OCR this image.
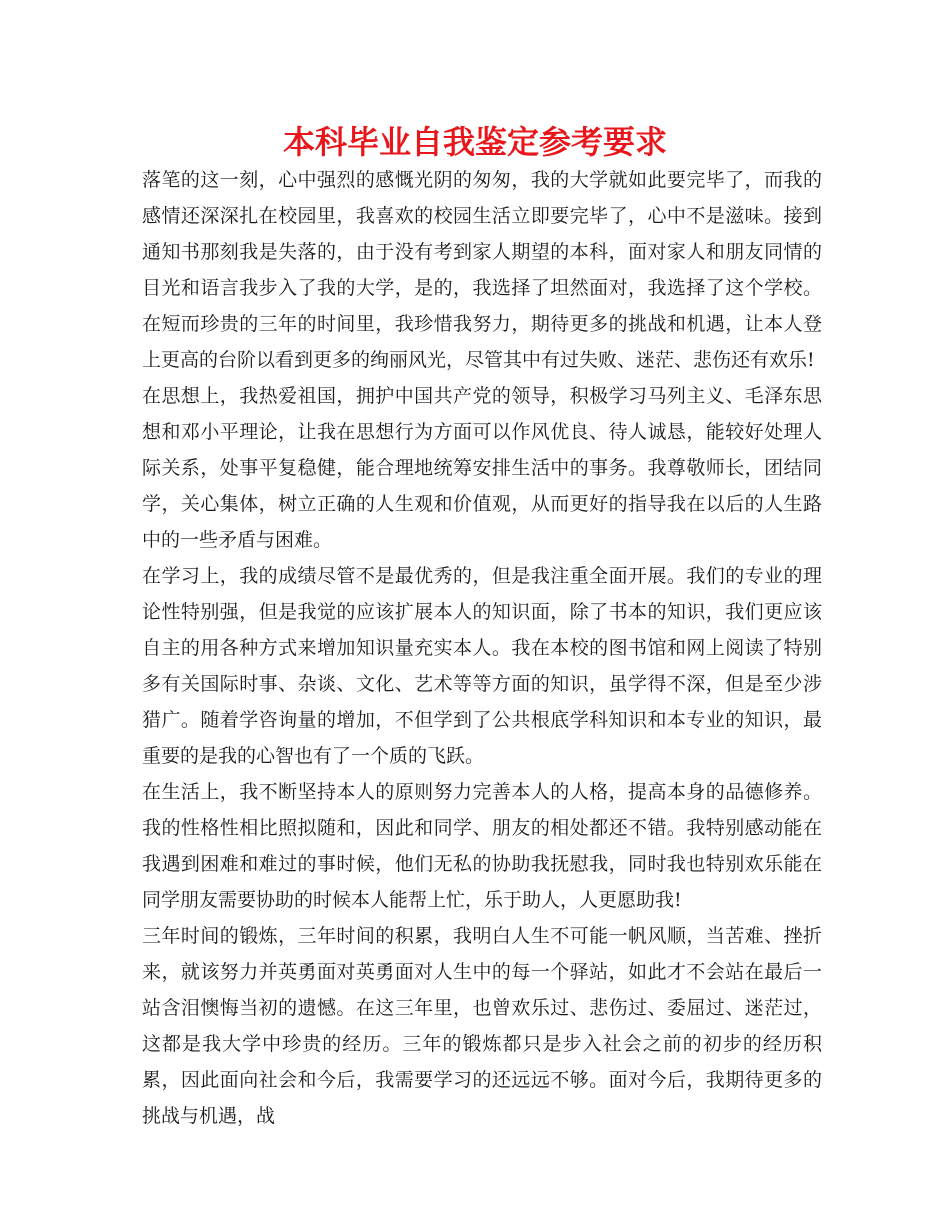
本科毕业自我鉴定参考要求

落笔的这一刻，心中强烈的感慨光阴的匆匆，我的大学就如此要完毕了，而我的感情还深深扎在校园里，我喜欢的校园生活立即要完毕了，心中不是滋味。接到通知书那刻我是失落的，由于没有考到家人期望的本科，面对家人和朋友同情的目光和语言我步入了我的大学，是的，我选择了坦然面对，我选择了这个学校。在短而珍贵的三年的时间里，我珍惜我努力，期待更多的挑战和机遇，让本人登上更高的台阶以看到更多的绚丽风光，尽管其中有过失败、迷茫、悲伤还有欢乐!

在思想上，我热爱祖国，拥护中国共产党的领导，积极学习马列主义、毛泽东思想和邓小平理论，让我在思想行为方面可以作风优良、待人诚恳，能较好处理人际关系，处事平复稳健，能合理地统筹安排生活中的事务。我尊敬师长，团结同学，关心集体，树立正确的人生观和价值观，从而更好的指导我在以后的人生路中的一些矛盾与困难。

在学习上，我的成绩尽管不是最优秀的，但是我注重全面开展。我们的专业的理论性特别强，但是我觉的应该扩展本人的知识面，除了书本的知识，我们更应该自主的用各种方式来增加知识量充实本人。我在本校的图书馆和网上阅读了特别多有关国际时事、杂谈、文化、艺术等等方面的知识，虽学得不深，但是至少涉猎广。随着学咨询量的增加，不但学到了公共根底学科知识和本专业的知识，最重要的是我的心智也有了一个质的飞跃。

在生活上，我不断坚持本人的原则努力完善本人的人格，提高本身的品德修养。我的性格性相比照拟随和，因此和同学、朋友的相处都还不错。我特别感动能在我遇到困难和难过的事时候，他们无私的协助我抚慰我，同时我也特别欢乐能在同学朋友需要协助的时候本人能帮上忙，乐于助人，人更愿助我!

三年时间的锻炼，三年时间的积累，我明白人生不可能一帆风顺，当苦难、挫折来，就该努力并英勇面对英勇面对人生中的每一个驿站，如此才不会站在最后一站含泪懊悔当初的遗憾。在这三年里，也曾欢乐过、悲伤过、委屈过、迷茫过，这都是我大学中珍贵的经历。三年的锻炼都只是步入社会之前的初步的经历积累，因此面向社会和今后，我需要学习的还远远不够。面对今后，我期待更多的挑战与机遇，战
